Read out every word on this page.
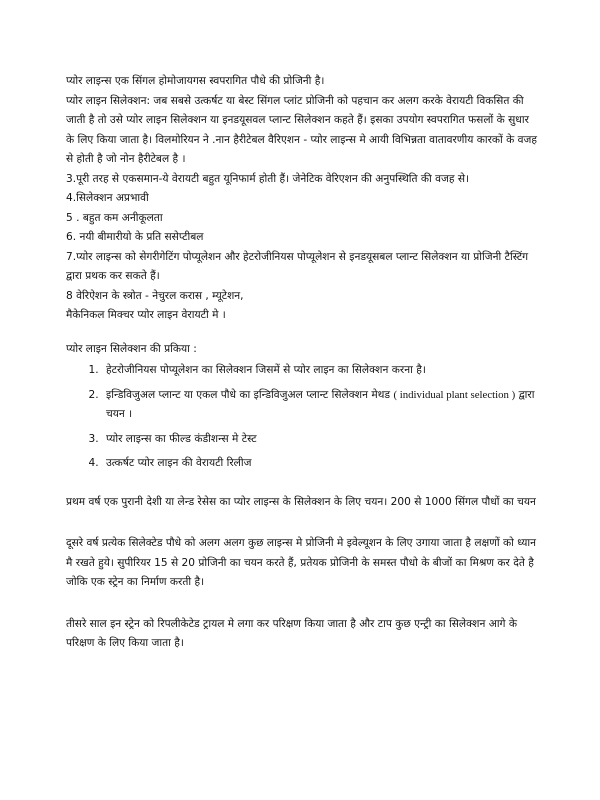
प्योर लाइन्स एक सिंगल होमोजायगस स्वपरागित पौधे की प्रोजिनी है।

प्योर लाइन सिलेक्शन: जब सबसे उत्कर्षट या बेस्ट सिंगल प्लांट प्रोजिनी को पहचान कर अलग करके वेरायटी विकसित की जाती है तो उसे प्योर लाइन सिलेक्शन या इनडयूसवल प्लान्ट सिलेक्शन कहते हैं। इसका उपयोग स्वपरागित फसलों के सुधार के लिए किया जाता है। विलमोरियन ने .नान हैरीटेबल वैरिएशन - प्योर लाइन्स मे आयी विभिन्नता वातावरणीय कारकों के वजह से होती है जो नोन हैरीटेबल है ।

3.पूरी तरह से एकसमान-ये वेरायटी बहुत यूनिफार्म होती हैं। जेनेटिक वेरिएशन की अनुपस्थिति की वजह से।

4.सिलेक्शन अप्रभावी

5 . बहुत कम अनीकूलता

6. नयी बीमारीयो के प्रति ससेप्टीबल

7.प्योर लाइन्स को सेगरीगेटिंग पोप्यूलेशन और हेटरोजीनियस पोप्यूलेशन से इनडयूसबल प्लान्ट सिलेक्शन या प्रोजिनी टैस्टिंग द्वारा प्रथक कर सकते हैं।

8 वेरिऐशन के स्त्रोत - नेचुरल करास , म्यूटेशन,

मैकेनिकल मिक्चर प्योर लाइन वेरायटी मे ।

प्योर लाइन सिलेक्शन की प्रकिया :

1. हेटरोजीनियस पोप्यूलेशन का सिलेक्शन जिसमें से प्योर लाइन का सिलेक्शन करना है।
2. इन्डिविजुअल प्लान्ट या एकल पौधे का इन्डिविजुअल प्लान्ट सिलेक्शन मेथड ( individual plant selection ) द्वारा चयन ।
3. प्योर लाइन्स का फील्ड कंडीशन्स मे टेस्ट
4. उत्कर्षट प्योर लाइन की वेरायटी रिलीज

प्रथम वर्ष एक पुरानी देशी या लेन्ड रेसेस का प्योर लाइन्स के सिलेक्शन के लिए चयन। 200 से 1000 सिंगल पौधों का चयन

दूसरे वर्ष प्रत्येक सिलेक्टेड पौधे को अलग अलग कुछ लाइन्स मे प्रोजिनी मे इवेल्यूशन के लिए उगाया जाता है लक्षणों को ध्यान मै रखते हुये। सुपीरियर 15 से 20 प्रोजिनी का चयन करते हैं, प्रतेयक प्रोजिनी के समस्त पौधो के बीजों का मिश्रण कर देते है जोकि एक स्ट्रेन का निर्माण करती है।

तीसरे साल इन स्ट्रेन को रिपलीकेटेड ट्रायल मे लगा कर परिक्षण किया जाता है और टाप कुछ एन्ट्री का सिलेक्शन आगे के परिक्षण के लिए किया जाता है।
